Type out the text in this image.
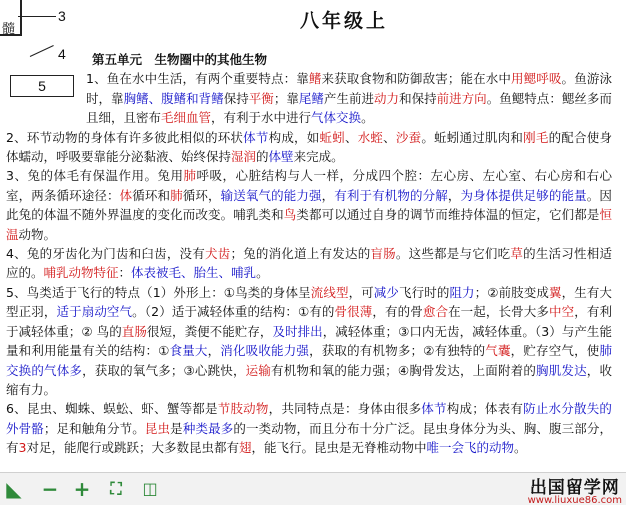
髓
3
4
5
八年级上
第五单元　生物圈中的其他生物
1、鱼在水中生活，有两个重要特点：靠鳍来获取食物和防御敌害；能在水中用鳃呼吸。鱼游泳时，靠胸鳍、腹鳍和背鳍保持平衡；靠尾鳍产生前进动力和保持前进方向。鱼鳃特点：鳃丝多而且细，且密布毛细血管，有利于水中进行气体交换。
2、环节动物的身体有许多彼此相似的环状体节构成，如蚯蚓、水蛭、沙蚕。蚯蚓通过肌肉和刚毛的配合使身体蠕动，呼吸要靠能分泌黏液、始终保持湿润的体壁来完成。
3、兔的体毛有保温作用。兔用肺呼吸，心脏结构与人一样，分成四个腔：左心房、左心室、右心房和右心室，两条循环途径：体循环和肺循环，输送氧气的能力强，有利于有机物的分解，为身体提供足够的能量。因此兔的体温不随外界温度的变化而改变。哺乳类和鸟类都可以通过自身的调节而维持体温的恒定，它们都是恒温动物。
4、兔的牙齿化为门齿和臼齿，没有犬齿；兔的消化道上有发达的盲肠。这些都是与它们吃草的生活习性相适应的。哺乳动物特征：体表被毛、胎生、哺乳。
5、鸟类适于飞行的特点（1）外形上：①鸟类的身体呈流线型，可减少飞行时的阻力；②前肢变成翼，生有大型正羽，适于扇动空气。（2）适于减轻体重的结构：①有的骨很薄，有的骨愈合在一起，长骨大多中空，有利于减轻体重；② 鸟的直肠很短，粪便不能贮存，及时排出，减轻体重；③口内无齿，减轻体重。（3）与产生能量和利用能量有关的结构：①食量大，消化吸收能力强，获取的有机物多；②有独特的气囊，贮存空气，使肺交换的气体多，获取的氧气多；③心跳快，运输有机物和氧的能力强；④胸骨发达，上面附着的胸肌发达，收缩有力。
6、昆虫、蜘蛛、蜈蚣、虾、蟹等都是节肢动物，共同特点是：身体由很多体节构成；体表有防止水分散失的外骨骼；足和触角分节。昆虫是种类最多的一类动物，而且分布十分广泛。昆虫身体分为头、胸、腹三部分，有3对足，能爬行或跳跃；大多数昆虫都有翅，能飞行。昆虫是无脊椎动物中唯一会飞的动物。
◣ − +	⛶	◫	出国留学网
www.liuxue86.com
